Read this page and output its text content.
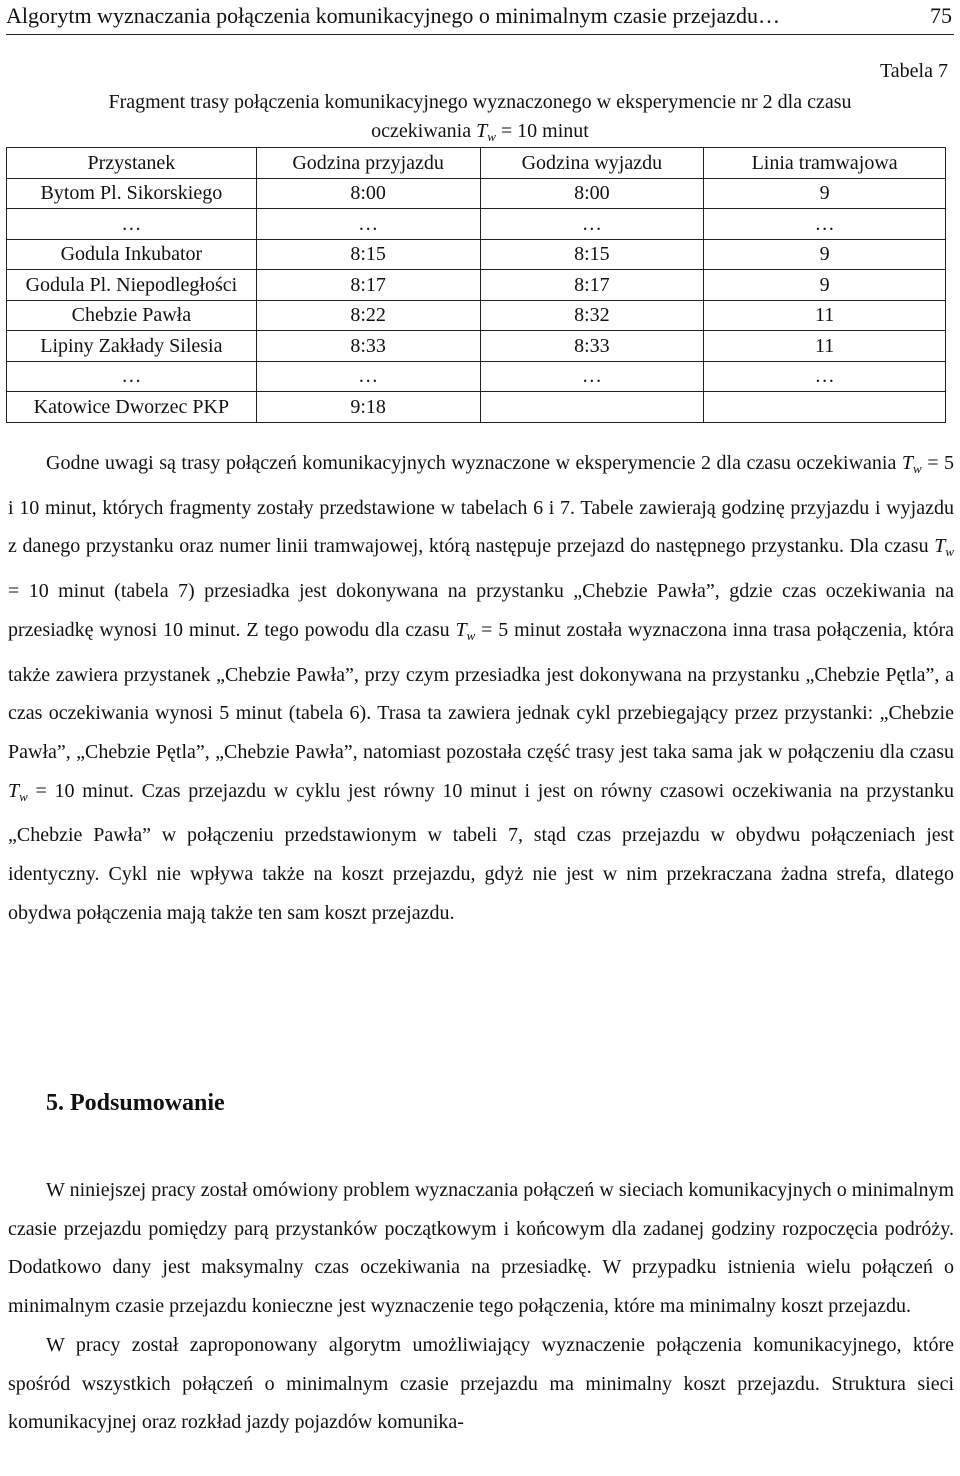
Algorytm wyznaczania połączenia komunikacyjnego o minimalnym czasie przejazdu…	75
Tabela 7
Fragment trasy połączenia komunikacyjnego wyznaczonego w eksperymencie nr 2 dla czasu
oczekiwania $T_w = 10$ minut
Przystanek	Godzina przyjazdu	Godzina wyjazdu	Linia tramwajowa
Bytom Pl. Sikorskiego	8:00	8:00	9
…	…	…	…
Godula Inkubator	8:15	8:15	9
Godula Pl. Niepodległości	8:17	8:17	9
Chebzie Pawła	8:22	8:32	11
Lipiny Zakłady Silesia	8:33	8:33	11
…	…	…	…
Katowice Dworzec PKP	9:18		

Godne uwagi są trasy połączeń komunikacyjnych wyznaczone w eksperymencie 2 dla czasu oczekiwania $T_w = 5$ i 10 minut, których fragmenty zostały przedstawione w tabelach 6 i 7. Tabele zawierają godzinę przyjazdu i wyjazdu z danego przystanku oraz numer linii tramwajowej, którą następuje przejazd do następnego przystanku. Dla czasu $T_w = 10$ minut (tabela 7) przesiadka jest dokonywana na przystanku „Chebzie Pawła”, gdzie czas oczekiwania na przesiadkę wynosi 10 minut. Z tego powodu dla czasu $T_w = 5$ minut została wyznaczona inna trasa połączenia, która także zawiera przystanek „Chebzie Pawła”, przy czym przesiadka jest dokonywana na przystanku „Chebzie Pętla”, a czas oczekiwania wynosi 5 minut (tabela 6). Trasa ta zawiera jednak cykl przebiegający przez przystanki: „Chebzie Pawła”, „Chebzie Pętla”, „Chebzie Pawła”, natomiast pozostała część trasy jest taka sama jak w połączeniu dla czasu $T_w = 10$ minut. Czas przejazdu w cyklu jest równy 10 minut i jest on równy czasowi oczekiwania na przystanku „Chebzie Pawła” w połączeniu przedstawionym w tabeli 7, stąd czas przejazdu w obydwu połączeniach jest identyczny. Cykl nie wpływa także na koszt przejazdu, gdyż nie jest w nim przekraczana żadna strefa, dlatego obydwa połączenia mają także ten sam koszt przejazdu.

5. Podsumowanie

W niniejszej pracy został omówiony problem wyznaczania połączeń w sieciach komunikacyjnych o minimalnym czasie przejazdu pomiędzy parą przystanków początkowym i końcowym dla zadanej godziny rozpoczęcia podróży. Dodatkowo dany jest maksymalny czas oczekiwania na przesiadkę. W przypadku istnienia wielu połączeń o minimalnym czasie przejazdu konieczne jest wyznaczenie tego połączenia, które ma minimalny koszt przejazdu.

W pracy został zaproponowany algorytm umożliwiający wyznaczenie połączenia komunikacyjnego, które spośród wszystkich połączeń o minimalnym czasie przejazdu ma minimalny koszt przejazdu. Struktura sieci komunikacyjnej oraz rozkład jazdy pojazdów komunika-
